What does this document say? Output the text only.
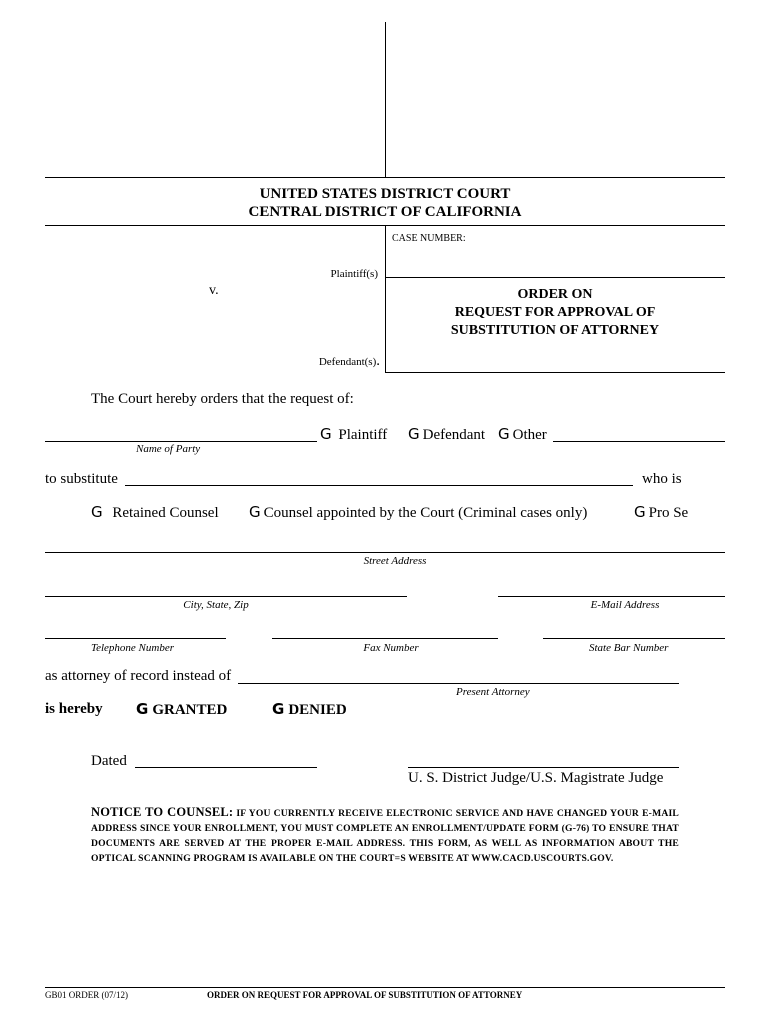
UNITED STATES DISTRICT COURT
CENTRAL DISTRICT OF CALIFORNIA
CASE NUMBER:
Plaintiff(s)
v.	ORDER ON
REQUEST FOR APPROVAL OF
SUBSTITUTION OF ATTORNEY
Defendant(s).
The Court hereby orders that the request of:
G Plaintiff G Defendant G Other
Name of Party
to substitute	who is
G Retained Counsel G Counsel appointed by the Court (Criminal cases only)	G Pro Se
Street Address
City, State, Zip	E-Mail Address
Telephone Number	Fax Number	State Bar Number
as attorney of record instead of
Present Attorney
is hereby G GRANTED	G DENIED
Dated
U. S. District Judge/U.S. Magistrate Judge
NOTICE TO COUNSEL: IF YOU CURRENTLY RECEIVE ELECTRONIC SERVICE AND HAVE CHANGED YOUR E-MAIL ADDRESS SINCE YOUR ENROLLMENT, YOU MUST COMPLETE AN ENROLLMENT/UPDATE FORM (G-76) TO ENSURE THAT DOCUMENTS ARE SERVED AT THE PROPER E-MAIL ADDRESS. THIS FORM, AS WELL AS INFORMATION ABOUT THE OPTICAL SCANNING PROGRAM IS AVAILABLE ON THE COURT=S WEBSITE AT WWW.CACD.USCOURTS.GOV.
GB01 ORDER (07/12)	ORDER ON REQUEST FOR APPROVAL OF SUBSTITUTION OF ATTORNEY
